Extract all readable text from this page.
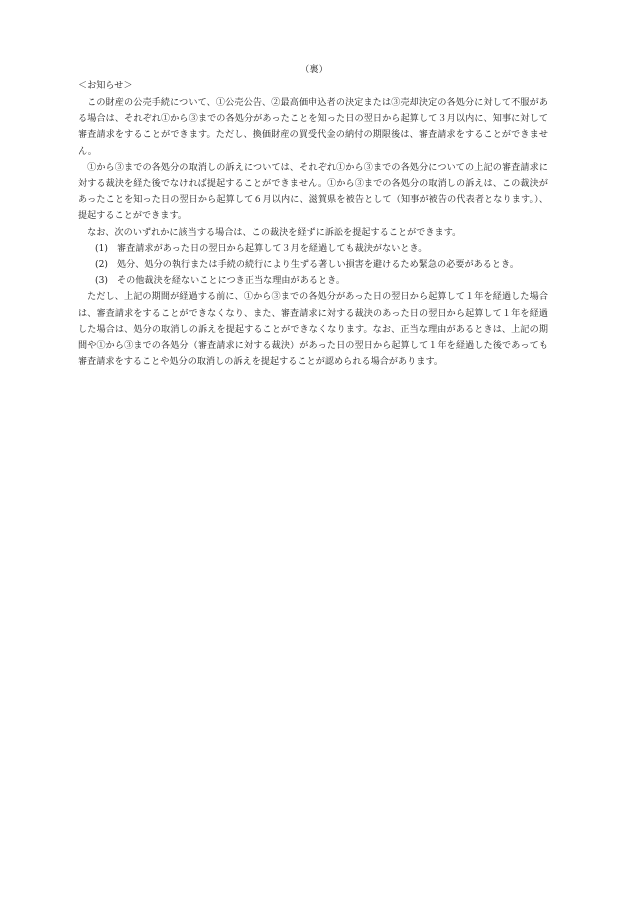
（裏）

＜お知らせ＞

この財産の公売手続について、①公売公告、②最高価申込者の決定または③売却決定の各処分に対して不服がある場合は、それぞれ①から③までの各処分があったことを知った日の翌日から起算して３月以内に、知事に対して審査請求をすることができます。ただし、換価財産の買受代金の納付の期限後は、審査請求をすることができません。

①から③までの各処分の取消しの訴えについては、それぞれ①から③までの各処分についての上記の審査請求に対する裁決を経た後でなければ提起することができません。①から③までの各処分の取消しの訴えは、この裁決があったことを知った日の翌日から起算して６月以内に、滋賀県を被告として（知事が被告の代表者となります。）、提起することができます。

なお、次のいずれかに該当する場合は、この裁決を経ずに訴訟を提起することができます。

(1) 審査請求があった日の翌日から起算して３月を経過しても裁決がないとき。
(2) 処分、処分の執行または手続の続行により生ずる著しい損害を避けるため緊急の必要があるとき。
(3) その他裁決を経ないことにつき正当な理由があるとき。

ただし、上記の期間が経過する前に、①から③までの各処分があった日の翌日から起算して１年を経過した場合は、審査請求をすることができなくなり、また、審査請求に対する裁決のあった日の翌日から起算して１年を経過した場合は、処分の取消しの訴えを提起することができなくなります。なお、正当な理由があるときは、上記の期間や①から③までの各処分（審査請求に対する裁決）があった日の翌日から起算して１年を経過した後であっても審査請求をすることや処分の取消しの訴えを提起することが認められる場合があります。
